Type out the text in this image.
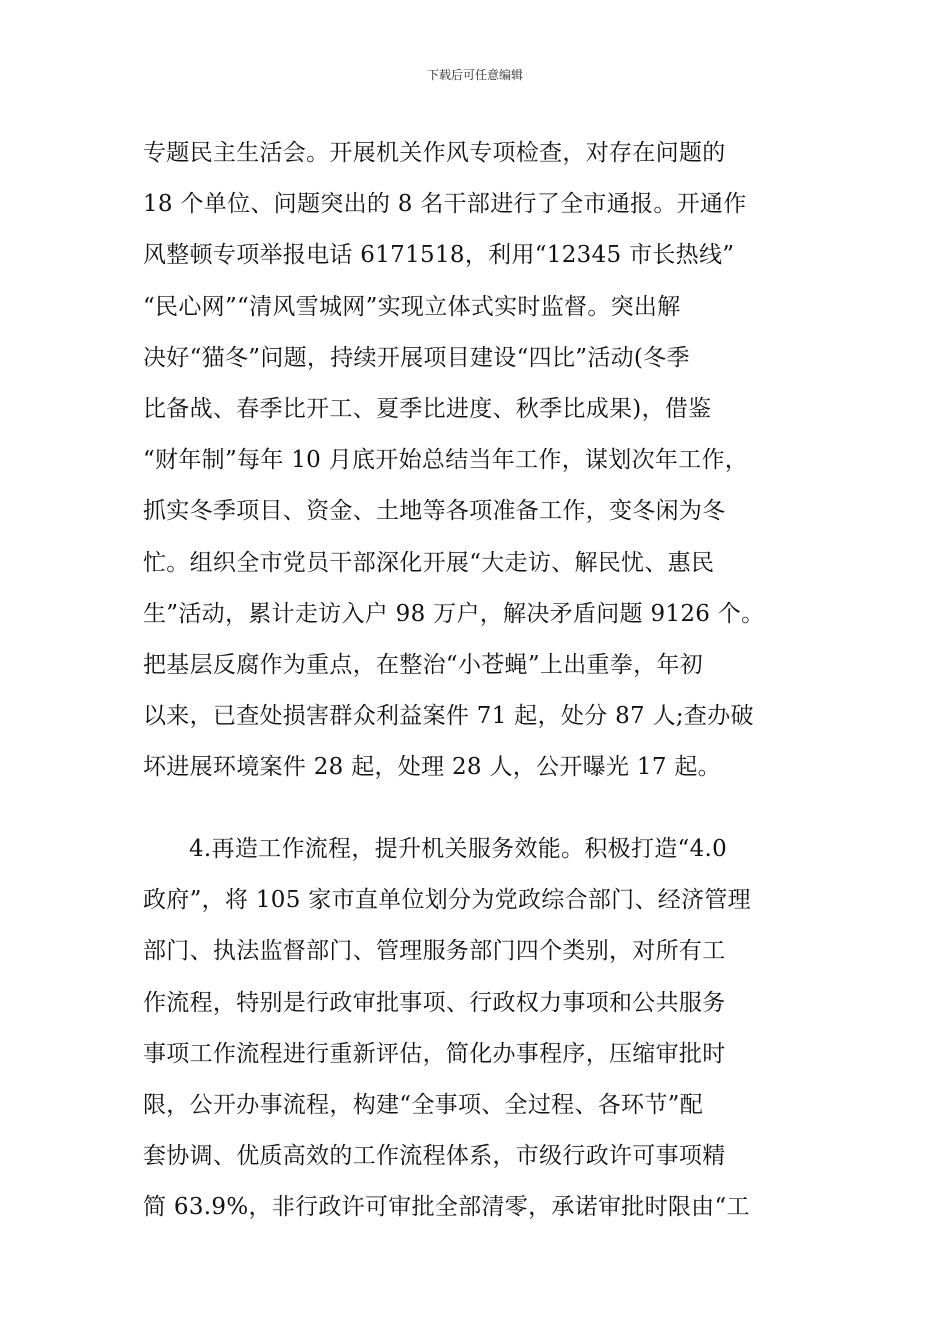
下载后可任意编辑
专题民主生活会。开展机关作风专项检查，对存在问题的
18 个单位、问题突出的 8 名干部进行了全市通报。开通作
风整顿专项举报电话 6171518，利用“12345 市长热线”
“民心网”“清风雪城网”实现立体式实时监督。突出解
决好“猫冬”问题，持续开展项目建设“四比”活动(冬季
比备战、春季比开工、夏季比进度、秋季比成果)，借鉴
“财年制”每年 10 月底开始总结当年工作，谋划次年工作，
抓实冬季项目、资金、土地等各项准备工作，变冬闲为冬
忙。组织全市党员干部深化开展“大走访、解民忧、惠民
生”活动，累计走访入户 98 万户，解决矛盾问题 9126 个。
把基层反腐作为重点，在整治“小苍蝇”上出重拳，年初
以来，已查处损害群众利益案件 71 起，处分 87 人;查办破
坏进展环境案件 28 起，处理 28 人，公开曝光 17 起。
4.再造工作流程，提升机关服务效能。积极打造“4.0
政府”，将 105 家市直单位划分为党政综合部门、经济管理
部门、执法监督部门、管理服务部门四个类别，对所有工
作流程，特别是行政审批事项、行政权力事项和公共服务
事项工作流程进行重新评估，简化办事程序，压缩审批时
限，公开办事流程，构建“全事项、全过程、各环节”配
套协调、优质高效的工作流程体系，市级行政许可事项精
简 63.9%，非行政许可审批全部清零，承诺审批时限由“工
